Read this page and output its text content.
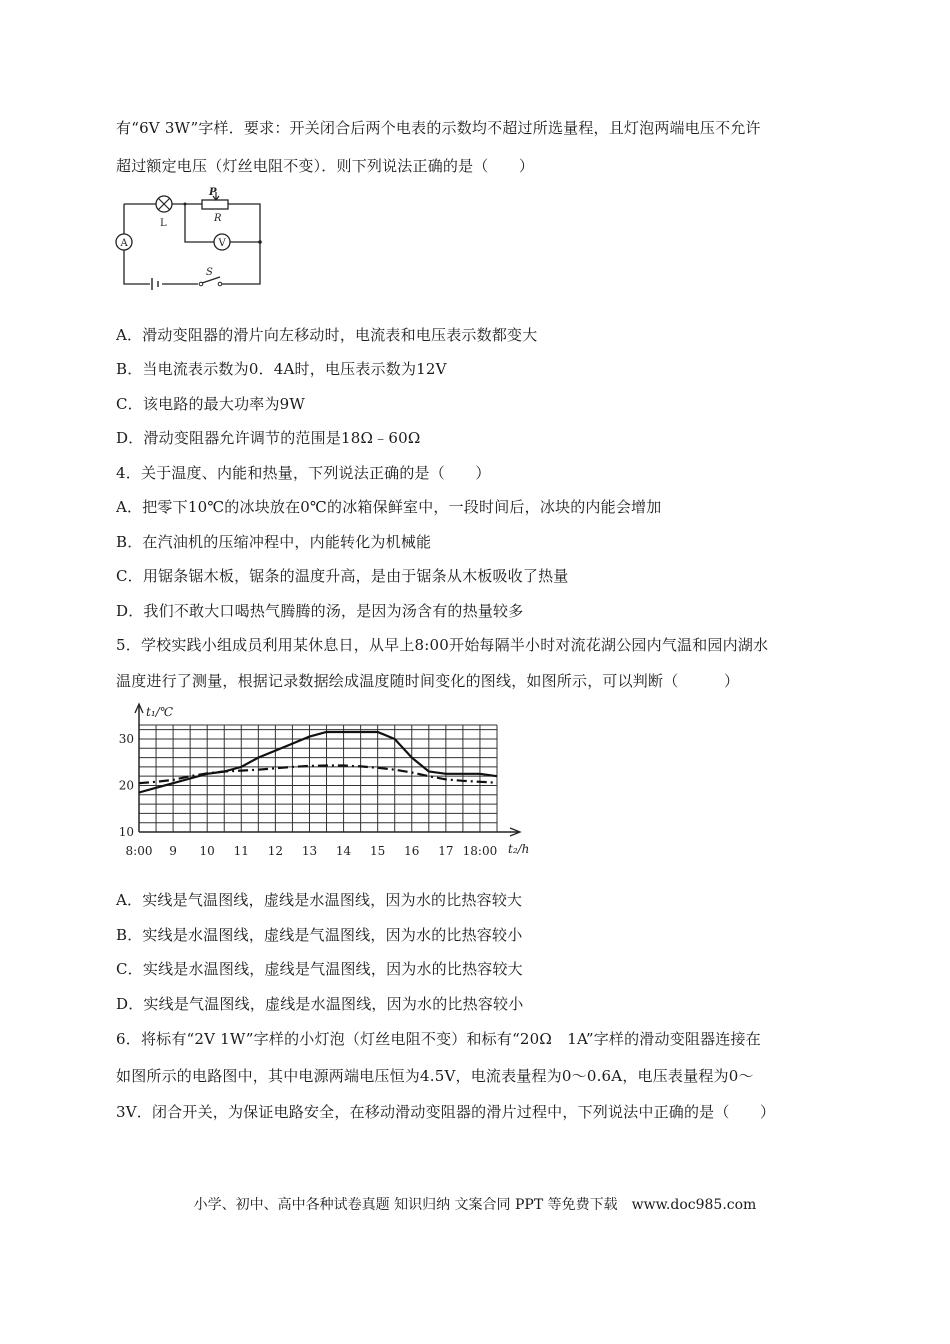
有“6V 3W”字样．要求：开关闭合后两个电表的示数均不超过所选量程，且灯泡两端电压不允许
超过额定电压（灯丝电阻不变）．则下列说法正确的是（　　）
L
P
R
V
A
S
A．滑动变阻器的滑片向左移动时，电流表和电压表示数都变大
B．当电流表示数为0．4A时，电压表示数为12V
C．该电路的最大功率为9W
D．滑动变阻器允许调节的范围是18Ω﹣60Ω
4．关于温度、内能和热量，下列说法正确的是（　　）
A．把零下10℃的冰块放在0℃的冰箱保鲜室中，一段时间后，冰块的内能会增加
B．在汽油机的压缩冲程中，内能转化为机械能
C．用锯条锯木板，锯条的温度升高，是由于锯条从木板吸收了热量
D．我们不敢大口喝热气腾腾的汤，是因为汤含有的热量较多
5．学校实践小组成员利用某休息日，从早上8:00开始每隔半小时对流花湖公园内气温和园内湖水
温度进行了测量，根据记录数据绘成温度随时间变化的图线，如图所示，可以判断（　　　）
t₁/℃
t₂/h
8:00 9 10 11 12 13 14 15 16 17 18:00
10
20
30
A．实线是气温图线，虚线是水温图线，因为水的比热容较大
B．实线是水温图线，虚线是气温图线，因为水的比热容较小
C．实线是水温图线，虚线是气温图线，因为水的比热容较大
D．实线是气温图线，虚线是水温图线，因为水的比热容较小
6．将标有“2V 1W”字样的小灯泡（灯丝电阻不变）和标有“20Ω　1A”字样的滑动变阻器连接在
如图所示的电路图中，其中电源两端电压恒为4.5V，电流表量程为0～0.6A，电压表量程为0～
3V．闭合开关，为保证电路安全，在移动滑动变阻器的滑片过程中，下列说法中正确的是（　　）
小学、初中、高中各种试卷真题 知识归纳 文案合同 PPT 等免费下载　www.doc985.com
